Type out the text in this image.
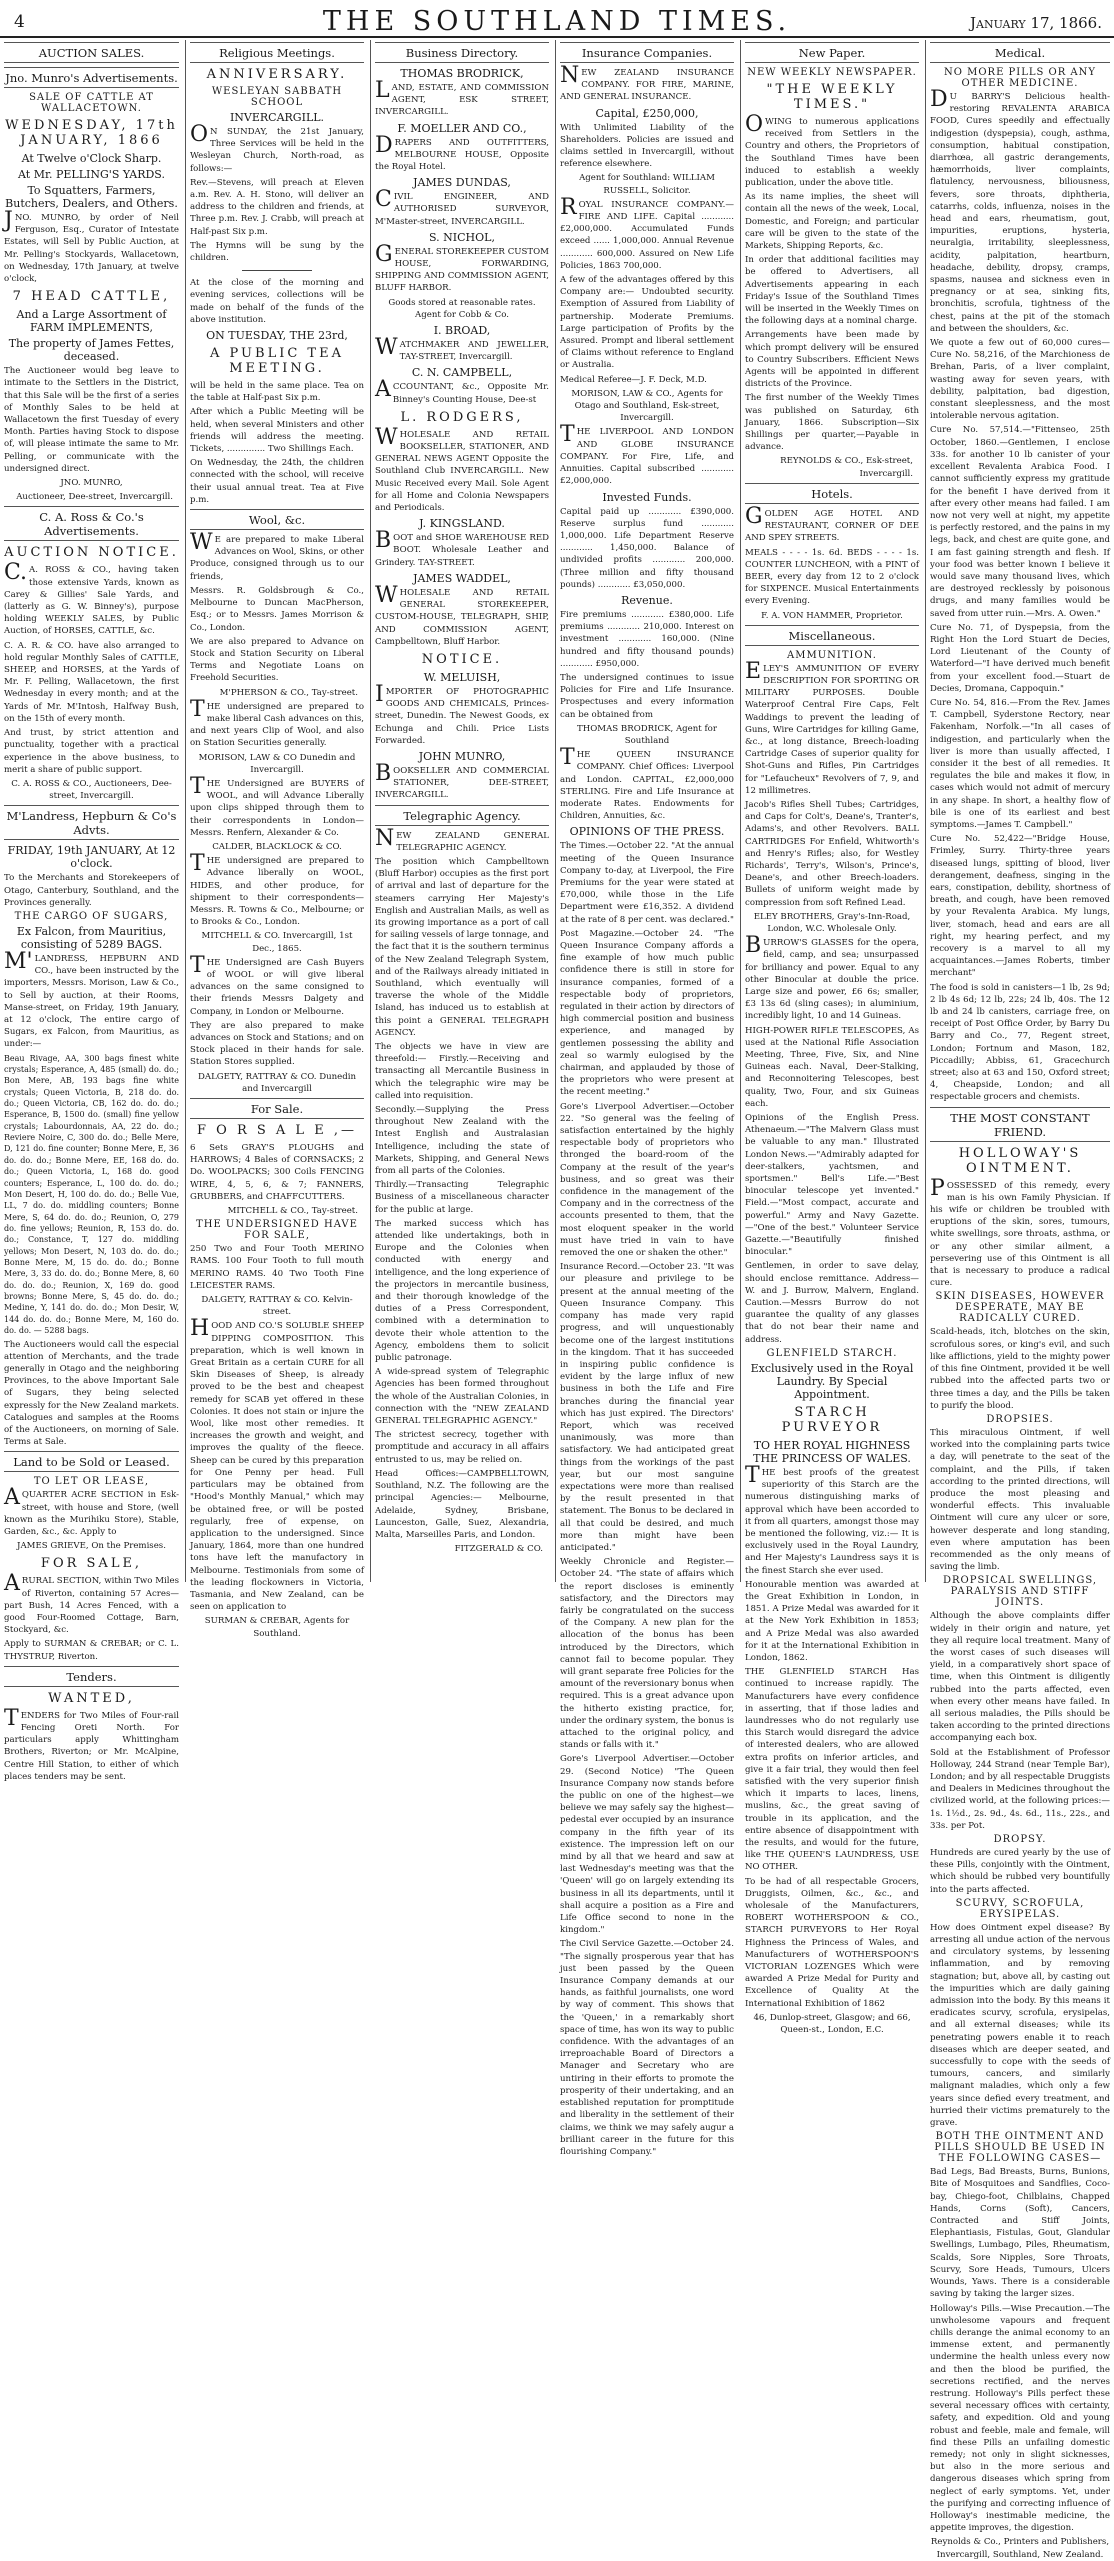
4	THE SOUTHLAND TIMES.	January 17, 1866.
AUCTION SALES.
Jno. Munro's Advertisements.
SALE OF CATTLE AT WALLACETOWN.
WEDNESDAY, 17th JANUARY, 1866
At Twelve o'Clock Sharp.
At Mr. PELLING'S YARDS.
To Squatters, Farmers, Butchers, Dealers, and Others.

JNO. MUNRO, by order of Neil Ferguson, Esq., Curator of Intestate Estates, will Sell by Public Auction, at Mr. Pelling's Stockyards, Wallacetown, on Wednesday, 17th January, at twelve o'clock,

7 HEAD CATTLE,
And a Large Assortment of FARM IMPLEMENTS,
The property of James Fettes, deceased.

The Auctioneer would beg leave to intimate to the Settlers in the District, that this Sale will be the first of a series of Monthly Sales to be held at Wallacetown the first Tuesday of every Month. Parties having Stock to dispose of, will please intimate the same to Mr. Pelling, or communicate with the undersigned direct.

JNO. MUNRO,

Auctioneer, Dee-street, Invercargill.

C. A. Ross & Co.'s Advertisements.
AUCTION NOTICE.

C.A. ROSS & CO., having taken those extensive Yards, known as Carey & Gillies' Sale Yards, and (latterly as G. W. Binney's), purpose holding WEEKLY SALES, by Public Auction, of HORSES, CATTLE, &c.

C. A. R. & CO. have also arranged to hold regular Monthly Sales of CATTLE, SHEEP, and HORSES, at the Yards of Mr. F. Pelling, Wallacetown, the first Wednesday in every month; and at the Yards of Mr. M'Intosh, Halfway Bush, on the 15th of every month.

And trust, by strict attention and punctuality, together with a practical experience in the above business, to merit a share of public support.

C. A. ROSS & CO., Auctioneers, Dee-street, Invercargill.

M'Landress, Hepburn & Co's Advts.
FRIDAY, 19th JANUARY, At 12 o'clock.

To the Merchants and Storekeepers of Otago, Canterbury, Southland, and the Provinces generally.

THE CARGO OF SUGARS,
Ex Falcon, from Mauritius, consisting of 5289 BAGS.

M'LANDRESS, HEPBURN AND CO., have been instructed by the importers, Messrs. Morison, Law & Co., to Sell by auction, at their Rooms, Manse-street, on Friday, 19th January, at 12 o'clock, The entire cargo of Sugars, ex Falcon, from Mauritius, as under:—

Beau Rivage, AA, 300 bags finest white crystals; Esperance, A, 485 (small) do. do.; Bon Mere, AB, 193 bags fine white crystals; Queen Victoria, B, 218 do. do. do.; Queen Victoria, CB, 162 do. do. do.; Esperance, B, 1500 do. (small) fine yellow crystals; Labourdonnais, AA, 22 do. do.; Reviere Noire, C, 300 do. do.; Belle Mere, D, 121 do. fine counter; Bonne Mere, E, 36 do. do. do.; Bonne Mere, EE, 168 do. do. do.; Queen Victoria, L, 168 do. good counters; Esperance, L, 100 do. do. do.; Mon Desert, H, 100 do. do. do.; Belle Vue, LL, 7 do. do. middling counters; Bonne Mere, S, 64 do. do. do.; Reunion, O, 279 do. fine yellows; Reunion, R, 153 do. do. do.; Constance, T, 127 do. middling yellows; Mon Desert, N, 103 do. do. do.; Bonne Mere, M, 15 do. do. do.; Bonne Mere, 3, 33 do. do. do.; Bonne Mere, 8, 60 do. do. do.; Reunion, X, 169 do. good browns; Bonne Mere, S, 45 do. do. do.; Medine, Y, 141 do. do. do.; Mon Desir, W, 144 do. do. do.; Bonne Mere, M, 160 do. do. do. — 5288 bags.

The Auctioneers would call the especial attention of Merchants, and the trade generally in Otago and the neighboring Provinces, to the above Important Sale of Sugars, they being selected expressly for the New Zealand markets. Catalogues and samples at the Rooms of the Auctioneers, on morning of Sale. Terms at Sale.

Land to be Sold or Leased.
TO LET OR LEASE,

AQUARTER ACRE SECTION in Esk-street, with house and Store, (well known as the Murihiku Store), Stable, Garden, &c., &c. Apply to

JAMES GRIEVE, On the Premises.

FOR SALE,

ARURAL SECTION, within Two Miles of Riverton, containing 57 Acres—part Bush, 14 Acres Fenced, with a good Four-Roomed Cottage, Barn, Stockyard, &c.

Apply to SURMAN & CREBAR; or C. L. THYSTRUP, Riverton.

Tenders.
WANTED,

TENDERS for Two Miles of Four-rail Fencing Oreti North. For particulars apply Whittingham Brothers, Riverton; or Mr. McAlpine, Centre Hill Station, to either of which places tenders may be sent.

Religious Meetings.
ANNIVERSARY.
WESLEYAN SABBATH SCHOOL
INVERCARGILL.

ON SUNDAY, the 21st January, Three Services will be held in the Wesleyan Church, North-road, as follows:—

Rev.—Stevens, will preach at Eleven a.m. Rev. A. H. Stono, will deliver an address to the children and friends, at Three p.m. Rev. J. Crabb, will preach at Half-past Six p.m.

The Hymns will be sung by the children.

At the close of the morning and evening services, collections will be made on behalf of the funds of the above institution.

ON TUESDAY, THE 23rd,
A PUBLIC TEA MEETING.

will be held in the same place. Tea on the table at Half-past Six p.m.

After which a Public Meeting will be held, when several Ministers and other friends will address the meeting. Tickets, .............. Two Shillings Each.

On Wednesday, the 24th, the children connected with the school, will receive their usual annual treat. Tea at Five p.m.

Wool, &c.

WE are prepared to make Liberal Advances on Wool, Skins, or other Produce, consigned through us to our friends,

Messrs. R. Goldsbrough & Co., Melbourne to Duncan MacPherson, Esq.; or to Messrs. James Morrison & Co., London.

We are also prepared to Advance on Stock and Station Security on Liberal Terms and Negotiate Loans on Freehold Securities.

M'PHERSON & CO., Tay-street.

THE undersigned are prepared to make liberal Cash advances on this, and next years Clip of Wool, and also on Station Securities generally.

MORISON, LAW & CO Dunedin and Invercargill.

THE Undersigned are BUYERS of WOOL, and will Advance Liberally upon clips shipped through them to their correspondents in London— Messrs. Renfern, Alexander & Co.

CALDER, BLACKLOCK & CO.

THE undersigned are prepared to Advance liberally on WOOL, HIDES, and other produce, for shipment to their correspondents— Messrs. R. Towns & Co., Melbourne; or to Brooks & Co., London.

MITCHELL & CO. Invercargill, 1st Dec., 1865.

THE Undersigned are Cash Buyers of WOOL or will give liberal advances on the same consigned to their friends Messrs Dalgety and Company, in London or Melbourne.

They are also prepared to make advances on Stock and Stations; and on Stock placed in their hands for sale. Station Stores supplied.

DALGETY, RATTRAY & CO. Dunedin and Invercargill

For Sale.
F O R S A L E ,—

6 Sets GRAY'S PLOUGHS and HARROWS; 4 Bales of CORNSACKS; 2 Do. WOOLPACKS; 300 Coils FENCING WIRE, 4, 5, 6, & 7; FANNERS, GRUBBERS, and CHAFFCUTTERS.

MITCHELL & CO., Tay-street.

THE UNDERSIGNED HAVE FOR SALE,

250 Two and Four Tooth MERINO RAMS. 100 Four Tooth to full mouth MERINO RAMS. 40 Two Tooth Fine LEICESTER RAMS.

DALGETY, RATTRAY & CO. Kelvin-street.

HOOD AND CO.'S SOLUBLE SHEEP DIPPING COMPOSITION. This preparation, which is well known in Great Britain as a certain CURE for all Skin Diseases of Sheep, is already proved to be the best and cheapest remedy for SCAB yet offered in these Colonies. It does not stain or injure the Wool, like most other remedies. It increases the growth and weight, and improves the quality of the fleece. Sheep can be cured by this preparation for One Penny per head. Full particulars may be obtained from "Hood's Monthly Manual," which may be obtained free, or will be posted regularly, free of expense, on application to the undersigned. Since January, 1864, more than one hundred tons have left the manufactory in Melbourne. Testimonials from some of the leading flockowners in Victoria, Tasmania, and New Zealand, can be seen on application to

SURMAN & CREBAR, Agents for Southland.

Business Directory.
THOMAS BRODRICK,

LAND, ESTATE, AND COMMISSION AGENT, ESK STREET, INVERCARGILL.

F. MOELLER AND CO.,

DRAPERS AND OUTFITTERS, MELBOURNE HOUSE, Opposite the Royal Hotel.

JAMES DUNDAS,

CIVIL ENGINEER, AND AUTHORISED SURVEYOR, M'Master-street, INVERCARGILL.

S. NICHOL,

GENERAL STOREKEEPER CUSTOM HOUSE, FORWARDING, SHIPPING AND COMMISSION AGENT, BLUFF HARBOR.

Goods stored at reasonable rates. Agent for Cobb & Co.

I. BROAD,

WATCHMAKER AND JEWELLER, TAY-STREET, Invercargill.

C. N. CAMPBELL,

ACCOUNTANT, &c., Opposite Mr. Binney's Counting House, Dee-st

L. RODGERS,

WHOLESALE AND RETAIL BOOKSELLER, STATIONER, AND GENERAL NEWS AGENT Opposite the Southland Club INVERCARGILL. New Music Received every Mail. Sole Agent for all Home and Colonia Newspapers and Periodicals.

J. KINGSLAND.

BOOT and SHOE WAREHOUSE RED BOOT. Wholesale Leather and Grindery. TAY-STREET.

JAMES WADDEL,

WHOLESALE AND RETAIL GENERAL STOREKEEPER, CUSTOM-HOUSE, TELEGRAPH, SHIP, AND COMMISSION AGENT, Campbelltown, Bluff Harbor.

NOTICE.
W. MELUISH,

IMPORTER OF PHOTOGRAPHIC GOODS AND CHEMICALS, Princes-street, Dunedin. The Newest Goods, ex Echunga and Chili. Price Lists Forwarded.

JOHN MUNRO,

BOOKSELLER AND COMMERCIAL STATIONER, DEE-STREET, INVERCARGILL.

Telegraphic Agency.

NEW ZEALAND GENERAL TELEGRAPHIC AGENCY.

The position which Campbelltown (Bluff Harbor) occupies as the first port of arrival and last of departure for the steamers carrying Her Majesty's English and Australian Mails, as well as its growing importance as a port of call for sailing vessels of large tonnage, and the fact that it is the southern terminus of the New Zealand Telegraph System, and of the Railways already initiated in Southland, which eventually will traverse the whole of the Middle Island, has induced us to establish at this point a GENERAL TELEGRAPH AGENCY.

The objects we have in view are threefold:— Firstly.—Receiving and transacting all Mercantile Business in which the telegraphic wire may be called into requisition.

Secondly.—Supplying the Press throughout New Zealand with the Intest English and Australasian Intelligence, including the state of Markets, Shipping, and General News from all parts of the Colonies.

Thirdly.—Transacting Telegraphic Business of a miscellaneous character for the public at large.

The marked success which has attended like undertakings, both in Europe and the Colonies when conducted with energy and intelligence, and the long experience of the projectors in mercantile business, and their thorough knowledge of the duties of a Press Correspondent, combined with a determination to devote their whole attention to the Agency, emboldens them to solicit public patronage.

A wide-spread system of Telegraphic Agencies has been formed throughout the whole of the Australian Colonies, in connection with the "NEW ZEALAND GENERAL TELEGRAPHIC AGENCY."

The strictest secrecy, together with promptitude and accuracy in all affairs entrusted to us, may be relied on.

Head Offices:—CAMPBELLTOWN, Southland, N.Z. The following are the principal Agencies:— Melbourne, Adelaide, Sydney, Brisbane, Launceston, Galle, Suez, Alexandria, Malta, Marseilles Paris, and London.

FITZGERALD & CO.

Insurance Companies.

NEW ZEALAND INSURANCE COMPANY. FOR FIRE, MARINE, AND GENERAL INSURANCE.

Capital, £250,000,

With Unlimited Liability of the Shareholders. Policies are issued and claims settled in Invercargill, without reference elsewhere.

Agent for Southland: WILLIAM RUSSELL, Solicitor.

ROYAL INSURANCE COMPANY.—FIRE AND LIFE. Capital ............ £2,000,000. Accumulated Funds exceed ...... 1,000,000. Annual Revenue ............ 600,000. Assured on New Life Policies, 1863 700,000.

A few of the advantages offered by this Company are:— Undoubted security. Exemption of Assured from Liability of partnership. Moderate Premiums. Large participation of Profits by the Assured. Prompt and liberal settlement of Claims without reference to England or Australia.

Medical Referee—J. F. Deck, M.D.

MORISON, LAW & CO., Agents for Otago and Southland, Esk-street, Invercargill.

THE LIVERPOOL AND LONDON AND GLOBE INSURANCE COMPANY. For Fire, Life, and Annuities. Capital subscribed ............ £2,000,000.

Invested Funds.

Capital paid up ............ £390,000. Reserve surplus fund ............ 1,000,000. Life Department Reserve ............ 1,450,000. Balance of undivided profits ............ 200,000. (Three million and fifty thousand pounds) ............ £3,050,000.

Revenue.

Fire premiums ............ £380,000. Life premiums ............ 210,000. Interest on investment ............ 160,000. (Nine hundred and fifty thousand pounds) ............ £950,000.

The undersigned continues to issue Policies for Fire and Life Insurance. Prospectuses and every information can be obtained from

THOMAS BRODRICK, Agent for Southland

THE QUEEN INSURANCE COMPANY. Chief Offices: Liverpool and London. CAPITAL, £2,000,000 STERLING. Fire and Life Insurance at moderate Rates. Endowments for Children, Annuities, &c.

OPINIONS OF THE PRESS.

The Times.—October 22. "At the annual meeting of the Queen Insurance Company to-day, at Liverpool, the Fire Premiums for the year were stated at £70,000, while those in the Life Department were £16,352. A dividend at the rate of 8 per cent. was declared."

Post Magazine.—October 24. "The Queen Insurance Company affords a fine example of how much public confidence there is still in store for insurance companies, formed of a respectable body of proprietors, regulated in their action by directors of high commercial position and business experience, and managed by gentlemen possessing the ability and zeal so warmly eulogised by the chairman, and applauded by those of the proprietors who were present at the recent meeting."

Gore's Liverpool Advertiser.—October 22. "So general was the feeling of satisfaction entertained by the highly respectable body of proprietors who thronged the board-room of the Company at the result of the year's business, and so great was their confidence in the management of the Company and in the correctness of the accounts presented to them, that the most eloquent speaker in the world must have tried in vain to have removed the one or shaken the other."

Insurance Record.—October 23. "It was our pleasure and privilege to be present at the annual meeting of the Queen Insurance Company. This company has made very rapid progress, and will unquestionably become one of the largest institutions in the kingdom. That it has succeeded in inspiring public confidence is evident by the large influx of new business in both the Life and Fire branches during the financial year which has just expired. The Directors' Report, which was received unanimously, was more than satisfactory. We had anticipated great things from the workings of the past year, but our most sanguine expectations were more than realised by the result presented in that statement. The Bonus to be declared in all that could be desired, and much more than might have been anticipated."

Weekly Chronicle and Register.—October 24. "The state of affairs which the report discloses is eminently satisfactory, and the Directors may fairly be congratulated on the success of the Company. A new plan for the allocation of the bonus has been introduced by the Directors, which cannot fail to become popular. They will grant separate free Policies for the amount of the reversionary bonus when required. This is a great advance upon the hitherto existing practice, for, under the ordinary system, the bonus is attached to the original policy, and stands or falls with it."

Gore's Liverpool Advertiser.—October 29. (Second Notice) "The Queen Insurance Company now stands before the public on one of the highest—we believe we may safely say the highest—pedestal ever occupied by an insurance company in the fifth year of its existence. The impression left on our mind by all that we heard and saw at last Wednesday's meeting was that the 'Queen' will go on largely extending its business in all its departments, until it shall acquire a position as a Fire and Life Office second to none in the kingdom."

The Civil Service Gazette.—October 24. "The signally prosperous year that has just been passed by the Queen Insurance Company demands at our hands, as faithful journalists, one word by way of comment. This shows that the 'Queen,' in a remarkably short space of time, has won its way to public confidence. With the advantages of an irreproachable Board of Directors a Manager and Secretary who are untiring in their efforts to promote the prosperity of their undertaking, and an established reputation for promptitude and liberality in the settlement of their claims, we think we may safely augur a brilliant career in the future for this flourishing Company."

New Paper.
NEW WEEKLY NEWSPAPER.
"THE WEEKLY TIMES."

OWING to numerous applications received from Settlers in the Country and others, the Proprietors of the Southland Times have been induced to establish a weekly publication, under the above title.

As its name implies, the sheet will contain all the news of the week, Local, Domestic, and Foreign; and particular care will be given to the state of the Markets, Shipping Reports, &c.

In order that additional facilities may be offered to Advertisers, all Advertisements appearing in each Friday's Issue of the Southland Times will be inserted in the Weekly Times on the following days at a nominal charge.

Arrangements have been made by which prompt delivery will be ensured to Country Subscribers. Efficient News Agents will be appointed in different districts of the Province.

The first number of the Weekly Times was published on Saturday, 6th January, 1866. Subscription—Six Shillings per quarter,—Payable in advance.

REYNOLDS & CO., Esk-street, Invercargill.

Hotels.

GOLDEN AGE HOTEL AND RESTAURANT, CORNER OF DEE AND SPEY STREETS.

MEALS - - - - 1s. 6d. BEDS - - - - 1s. COUNTER LUNCHEON, with a PINT of BEER, every day from 12 to 2 o'clock for SIXPENCE. Musical Entertainments every Evening.

F. A. VON HAMMER, Proprietor.

Miscellaneous.
AMMUNITION.

ELEY'S AMMUNITION OF EVERY DESCRIPTION FOR SPORTING OR MILITARY PURPOSES. Double Waterproof Central Fire Caps, Felt Waddings to prevent the leading of Guns, Wire Cartridges for killing Game, &c., at long distance, Breech-loading Cartridge Cases of superior quality for Shot-Guns and Rifles, Pin Cartridges for "Lefaucheux" Revolvers of 7, 9, and 12 millimetres.

Jacob's Rifles Shell Tubes; Cartridges, and Caps for Colt's, Deane's, Tranter's, Adams's, and other Revolvers. BALL CARTRIDGES For Enfield, Whitworth's and Henry's Rifles; also, for Westley Richards', Terry's, Wilson's, Prince's, Deane's, and other Breech-loaders. Bullets of uniform weight made by compression from soft Refined Lead.

ELEY BROTHERS, Gray's-Inn-Road, London, W.C. Wholesale Only.

BURROW'S GLASSES for the opera, field, camp, and sea; unsurpassed for brilliancy and power. Equal to any other Binocular at double the price. Large size and power, £6 6s; smaller, £3 13s 6d (sling cases); in aluminium, incredibly light, 10 and 14 Guineas.

HIGH-POWER RIFLE TELESCOPES, As used at the National Rifle Association Meeting, Three, Five, Six, and Nine Guineas each. Naval, Deer-Stalking, and Reconnoitering Telescopes, best quality, Two, Four, and six Guineas each.

Opinions of the English Press. Athenaeum.—"The Malvern Glass must be valuable to any man." Illustrated London News.—"Admirably adapted for deer-stalkers, yachtsmen, and sportsmen." Bell's Life.—"Best binocular telescope yet invented." Field.—"Most compact, accurate and powerful." Army and Navy Gazette.—"One of the best." Volunteer Service Gazette.—"Beautifully finished binocular."

Gentlemen, in order to save delay, should enclose remittance. Address—W. and J. Burrow, Malvern, England. Caution.—Messrs Burrow do not guarantee the quality of any glasses that do not bear their name and address.

GLENFIELD STARCH.
Exclusively used in the Royal Laundry. By Special Appointment.
STARCH PURVEYOR
TO HER ROYAL HIGHNESS THE PRINCESS OF WALES.

THE best proofs of the greatest superiority of this Starch are the numerous distinguishing marks of approval which have been accorded to it from all quarters, amongst those may be mentioned the following, viz.:— It is exclusively used in the Royal Laundry, and Her Majesty's Laundress says it is the finest Starch she ever used.

Honourable mention was awarded at the Great Exhibition in London, in 1851. A Prize Medal was awarded for it at the New York Exhibition in 1853; and A Prize Medal was also awarded for it at the International Exhibition in London, 1862.

THE GLENFIELD STARCH Has continued to increase rapidly. The Manufacturers have every confidence in asserting, that if those ladies and laundresses who do not regularly use this Starch would disregard the advice of interested dealers, who are allowed extra profits on inferior articles, and give it a fair trial, they would then feel satisfied with the very superior finish which it imparts to laces, linens, muslins, &c., the great saving of trouble in its application, and the entire absence of disappointment with the results, and would for the future, like THE QUEEN'S LAUNDRESS, USE NO OTHER.

To be had of all respectable Grocers, Druggists, Oilmen, &c., &c., and wholesale of the Manufacturers, ROBERT WOTHERSPOON & CO., STARCH PURVEYORS to Her Royal Highness the Princess of Wales, and Manufacturers of WOTHERSPOON'S VICTORIAN LOZENGES Which were awarded A Prize Medal for Purity and Excellence of Quality At the International Exhibition of 1862

46, Dunlop-street, Glasgow; and 66, Queen-st., London, E.C.

Medical.
NO MORE PILLS OR ANY OTHER MEDICINE.

DU BARRY'S Delicious health-restoring REVALENTA ARABICA FOOD, Cures speedily and effectually indigestion (dyspepsia), cough, asthma, consumption, habitual constipation, diarrhœa, all gastric derangements, hæmorrhoids, liver complaints, flatulency, nervousness, biliousness, fevers, sore throats, diphtheria, catarrhs, colds, influenza, noises in the head and ears, rheumatism, gout, impurities, eruptions, hysteria, neuralgia, irritability, sleeplessness, acidity, palpitation, heartburn, headache, debility, dropsy, cramps, spasms, nausea and sickness even in pregnancy or at sea, sinking fits, bronchitis, scrofula, tightness of the chest, pains at the pit of the stomach and between the shoulders, &c.

We quote a few out of 60,000 cures— Cure No. 58,216, of the Marchioness de Brehan, Paris, of a liver complaint, wasting away for seven years, with debility, palpitation, bad digestion, constant sleeplessness, and the most intolerable nervous agitation.

Cure No. 57,514.—"Fittenseo, 25th October, 1860.—Gentlemen, I enclose 33s. for another 10 lb canister of your excellent Revalenta Arabica Food. I cannot sufficiently express my gratitude for the benefit I have derived from it after every other means had failed. I am now not very well at night, my appetite is perfectly restored, and the pains in my legs, back, and chest are quite gone, and I am fast gaining strength and flesh. If your food was better known I believe it would save many thousand lives, which are destroyed recklessly by poisonous drugs, and many families would be saved from utter ruin.—Mrs. A. Owen."

Cure No. 71, of Dyspepsia, from the Right Hon the Lord Stuart de Decies, Lord Lieutenant of the County of Waterford—"I have derived much benefit from your excellent food.—Stuart de Decies, Dromana, Cappoquin."

Cure No. 54, 816.—From the Rev. James T. Campbell, Syderstone Rectory, near Fakenham, Norfolk.—"In all cases of indigestion, and particularly when the liver is more than usually affected, I consider it the best of all remedies. It regulates the bile and makes it flow, in cases which would not admit of mercury in any shape. In short, a healthy flow of bile is one of its earliest and best symptoms.—James T. Campbell."

Cure No. 52,422—"Bridge House, Frimley, Surry. Thirty-three years diseased lungs, spitting of blood, liver derangement, deafness, singing in the ears, constipation, debility, shortness of breath, and cough, have been removed by your Revalenta Arabica. My lungs, liver, stomach, head and ears are all right, my hearing perfect, and my recovery is a marvel to all my acquaintances.—James Roberts, timber merchant"

The food is sold in canisters—1 lb, 2s 9d; 2 lb 4s 6d; 12 lb, 22s; 24 lb, 40s. The 12 lb and 24 lb canisters, carriage free, on receipt of Post Office Order, by Barry Du Barry and Co., 77, Regent street, London; Fortnum and Mason, 182, Piccadilly; Abbiss, 61, Gracechurch street; also at 63 and 150, Oxford street; 4, Cheapside, London; and all respectable grocers and chemists.

THE MOST CONSTANT FRIEND.
HOLLOWAY'S OINTMENT.

POSSESSED of this remedy, every man is his own Family Physician. If his wife or children be troubled with eruptions of the skin, sores, tumours, white swellings, sore throats, asthma, or or any other similar ailment, a persevering use of this Ointment is all that is necessary to produce a radical cure.

SKIN DISEASES, HOWEVER DESPERATE, MAY BE RADICALLY CURED.

Scald-heads, itch, blotches on the skin, scrofulous sores, or king's evil, and such like afflictions, yield to the mighty power of this fine Ointment, provided it be well rubbed into the affected parts two or three times a day, and the Pills be taken to purify the blood.

DROPSIES.

This miraculous Ointment, if well worked into the complaining parts twice a day, will penetrate to the seat of the complaint, and the Pills, if taken according to the printed directions, will produce the most pleasing and wonderful effects. This invaluable Ointment will cure any ulcer or sore, however desperate and long standing, even where amputation has been recommended as the only means of saving the limb.

DROPSICAL SWELLINGS, PARALYSIS AND STIFF JOINTS.

Although the above complaints differ widely in their origin and nature, yet they all require local treatment. Many of the worst cases of such diseases will yield, in a comparatively short space of time, when this Ointment is diligently rubbed into the parts affected, even when every other means have failed. In all serious maladies, the Pills should be taken according to the printed directions accompanying each box.

Sold at the Establishment of Professor Holloway, 244 Strand (near Temple Bar), London; and by all respectable Druggists and Dealers in Medicines throughout the civilized world, at the following prices:—1s. 1½d., 2s. 9d., 4s. 6d., 11s., 22s., and 33s. per Pot.

DROPSY.

Hundreds are cured yearly by the use of these Pills, conjointly with the Ointment, which should be rubbed very bountifully into the parts affected.

SCURVY, SCROFULA, ERYSIPELAS.

How does Ointment expel disease? By arresting all undue action of the nervous and circulatory systems, by lessening inflammation, and by removing stagnation; but, above all, by casting out the impurities which are daily gaining admission into the body. By this means it eradicates scurvy, scrofula, erysipelas, and all external diseases; while its penetrating powers enable it to reach diseases which are deeper seated, and successfully to cope with the seeds of tumours, cancers, and similarly malignant maladies, which only a few years since defied every treatment, and hurried their victims prematurely to the grave.

BOTH THE OINTMENT AND PILLS SHOULD BE USED IN THE FOLLOWING CASES—

Bad Legs, Bad Breasts, Burns, Bunions, Bite of Mosquitoes and Sandflies, Coco-bay, Chiego-foot, Chilblains, Chapped Hands, Corns (Soft), Cancers, Contracted and Stiff Joints, Elephantiasis, Fistulas, Gout, Glandular Swellings, Lumbago, Piles, Rheumatism, Scalds, Sore Nipples, Sore Throats, Scurvy, Sore Heads, Tumours, Ulcers Wounds, Yaws. There is a considerable saving by taking the larger sizes.

Holloway's Pills.—Wise Precaution.—The unwholesome vapours and frequent chills derange the animal economy to an immense extent, and permanently undermine the health unless every now and then the blood be purified, the secretions rectified, and the nerves restrung. Holloway's Pills perfect these several necessary offices with certainty, safety, and expedition. Old and young robust and feeble, male and female, will find these Pills an unfailing domestic remedy; not only in slight sicknesses, but also in the more serious and dangerous diseases which spring from neglect of early symptoms. Yet, under the purifying and correcting influence of Holloway's inestimable medicine, the appetite improves, the digestion.

Reynolds & Co., Printers and Publishers, Invercargill, Southland, New Zealand.
